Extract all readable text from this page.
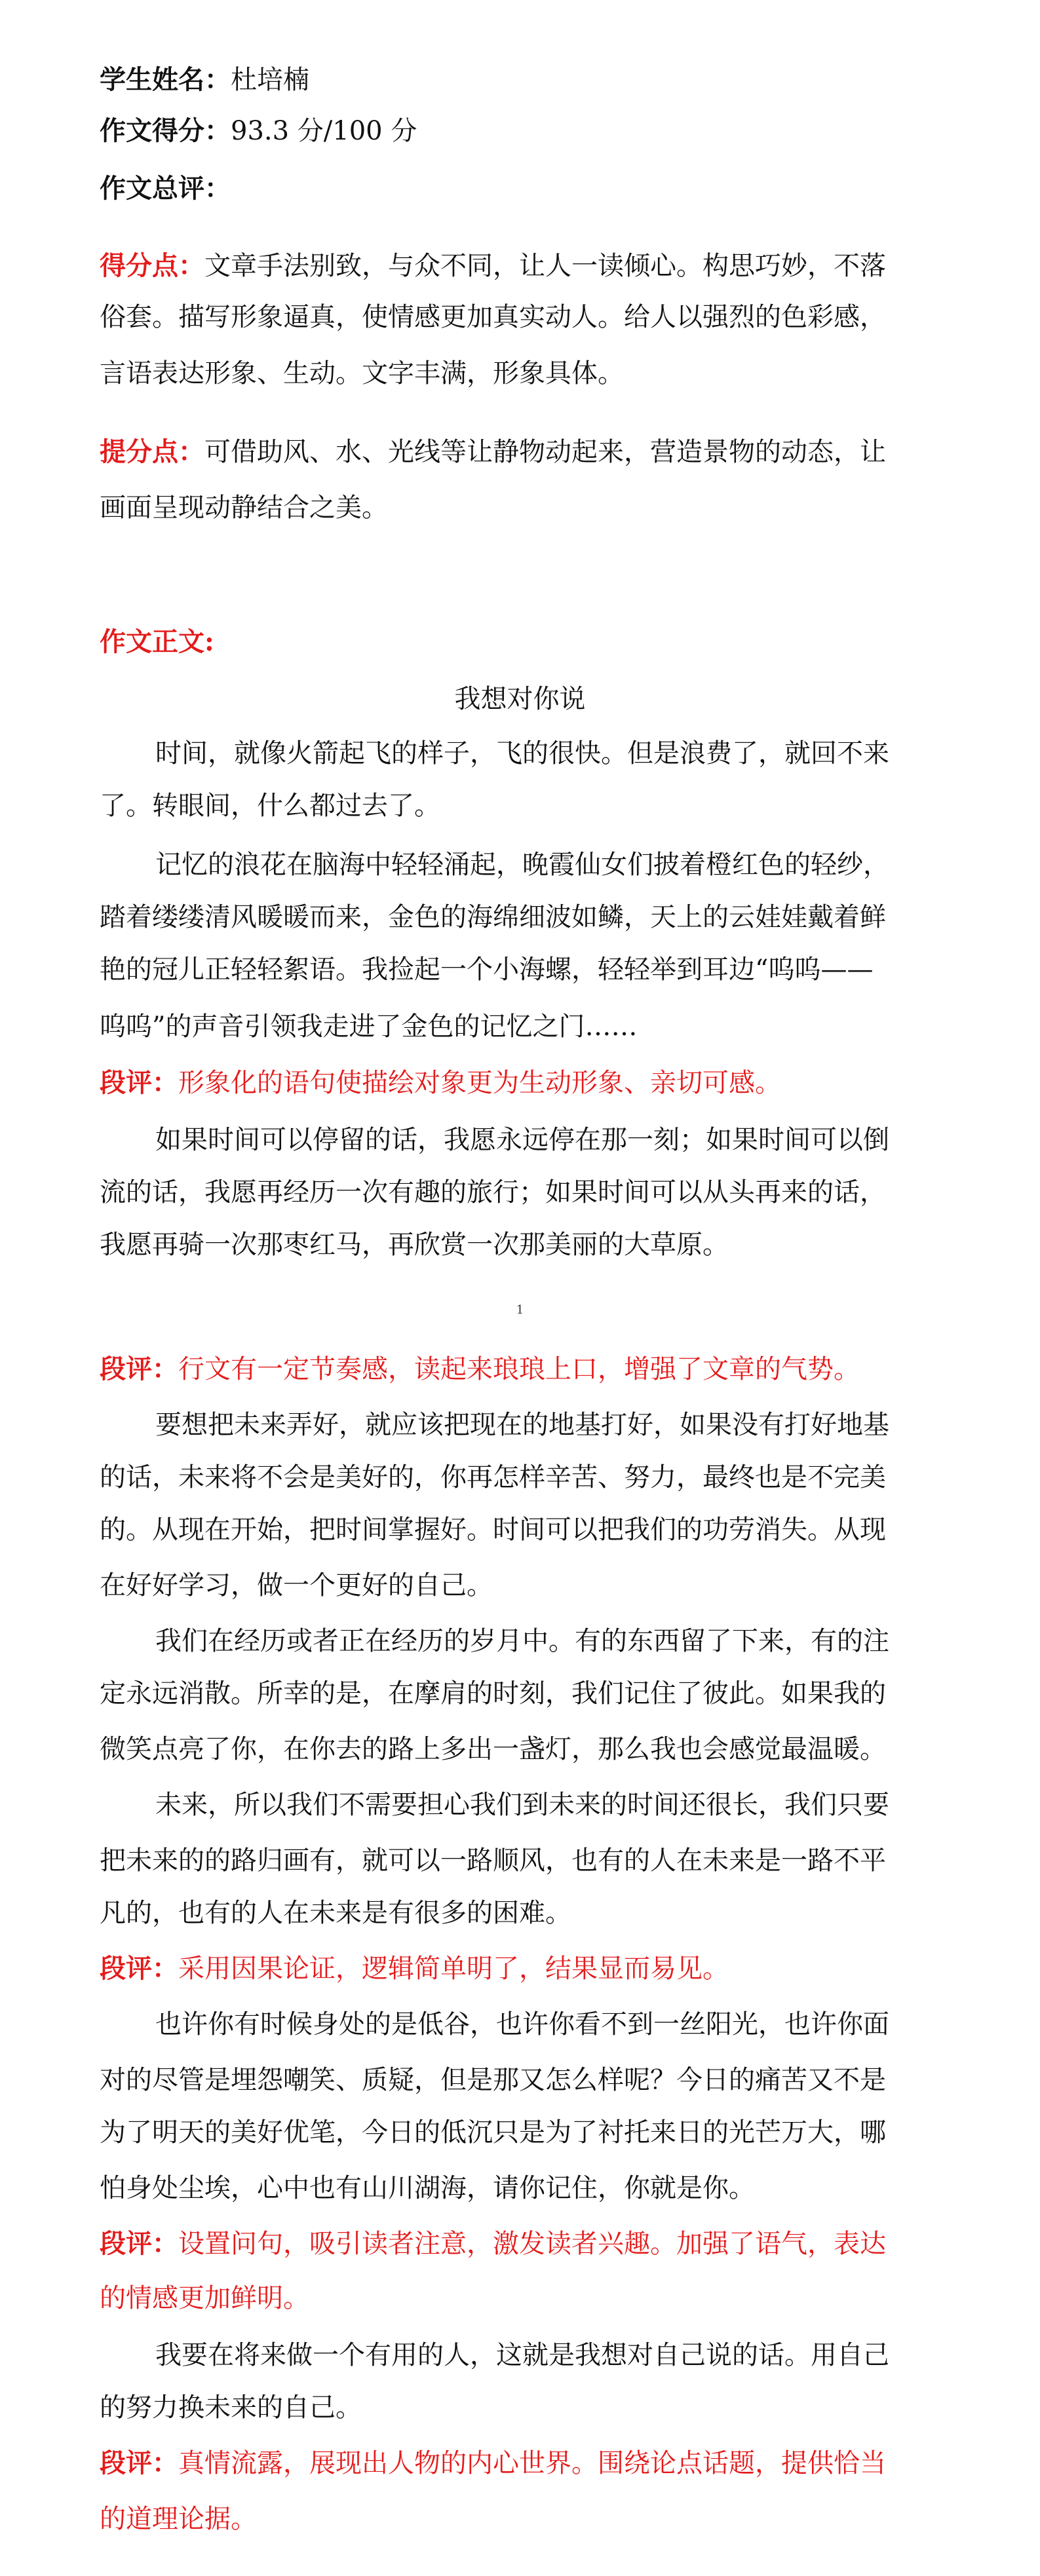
学生姓名：杜培楠
作文得分：93.3 分/100 分
作文总评：
得分点：文章手法别致，与众不同，让人一读倾心。构思巧妙，不落
俗套。描写形象逼真，使情感更加真实动人。给人以强烈的色彩感，
言语表达形象、生动。文字丰满，形象具体。
提分点：可借助风、水、光线等让静物动起来，营造景物的动态，让
画面呈现动静结合之美。
作文正文:
我想对你说
时间，就像火箭起飞的样子，飞的很快。但是浪费了，就回不来
了。转眼间，什么都过去了。
记忆的浪花在脑海中轻轻涌起，晚霞仙女们披着橙红色的轻纱，
踏着缕缕清风暖暖而来，金色的海绵细波如鳞，天上的云娃娃戴着鲜
艳的冠儿正轻轻絮语。我捡起一个小海螺，轻轻举到耳边“呜呜——
呜呜”的声音引领我走进了金色的记忆之门……
段评：形象化的语句使描绘对象更为生动形象、亲切可感。
如果时间可以停留的话，我愿永远停在那一刻；如果时间可以倒
流的话，我愿再经历一次有趣的旅行；如果时间可以从头再来的话，
我愿再骑一次那枣红马，再欣赏一次那美丽的大草原。
1
段评：行文有一定节奏感，读起来琅琅上口，增强了文章的气势。
要想把未来弄好，就应该把现在的地基打好，如果没有打好地基
的话，未来将不会是美好的，你再怎样辛苦、努力，最终也是不完美
的。从现在开始，把时间掌握好。时间可以把我们的功劳消失。从现
在好好学习，做一个更好的自己。
我们在经历或者正在经历的岁月中。有的东西留了下来，有的注
定永远消散。所幸的是，在摩肩的时刻，我们记住了彼此。如果我的
微笑点亮了你，在你去的路上多出一盏灯，那么我也会感觉最温暖。
未来，所以我们不需要担心我们到未来的时间还很长，我们只要
把未来的的路归画有，就可以一路顺风，也有的人在未来是一路不平
凡的，也有的人在未来是有很多的困难。
段评：采用因果论证，逻辑简单明了，结果显而易见。
也许你有时候身处的是低谷，也许你看不到一丝阳光，也许你面
对的尽管是埋怨嘲笑、质疑，但是那又怎么样呢？今日的痛苦又不是
为了明天的美好优笔，今日的低沉只是为了衬托来日的光芒万大，哪
怕身处尘埃，心中也有山川湖海，请你记住，你就是你。
段评：设置问句，吸引读者注意，激发读者兴趣。加强了语气，表达
的情感更加鲜明。
我要在将来做一个有用的人，这就是我想对自己说的话。用自己
的努力换未来的自己。
段评：真情流露，展现出人物的内心世界。围绕论点话题，提供恰当
的道理论据。
